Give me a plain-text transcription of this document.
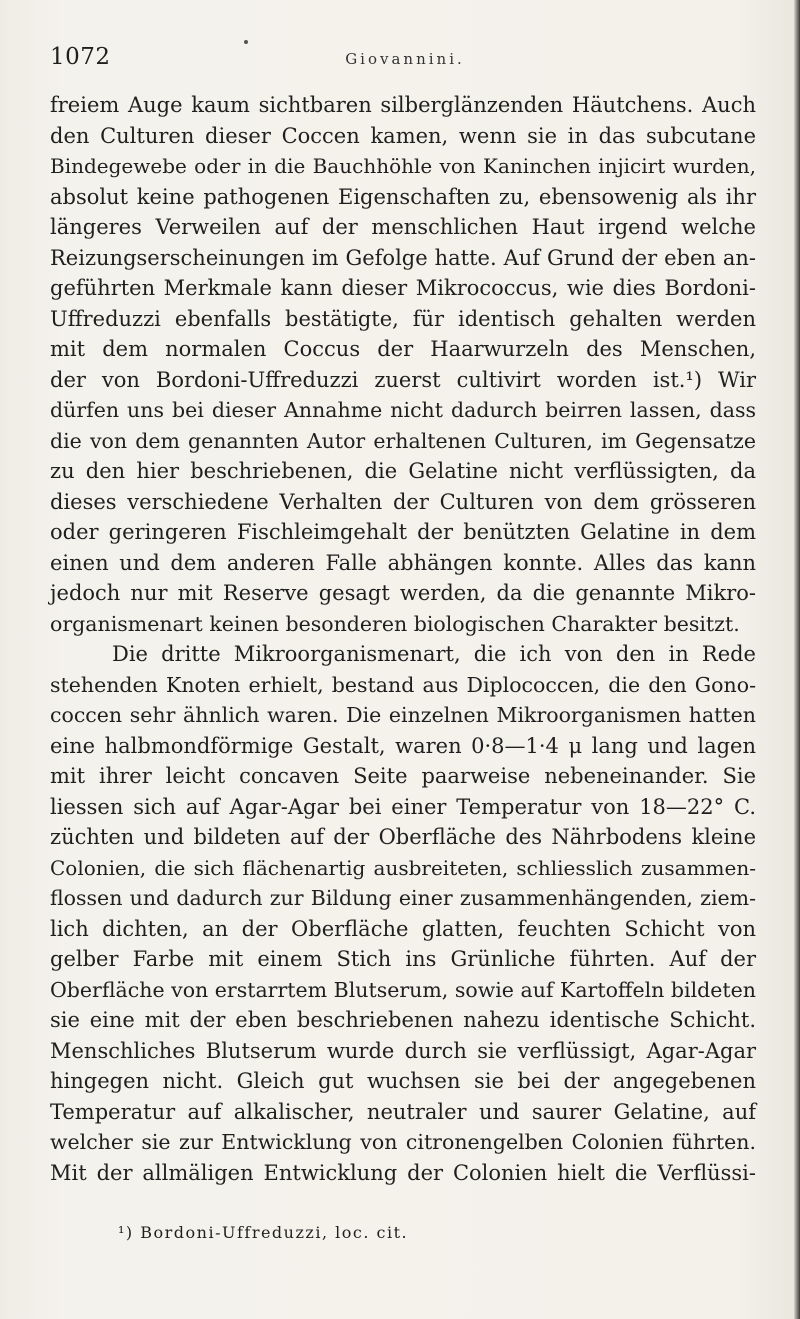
1072	Giovannini.
freiem Auge kaum sichtbaren silberglänzenden Häutchens. Auch
den Culturen dieser Coccen kamen, wenn sie in das subcutane
Bindegewebe oder in die Bauchhöhle von Kaninchen injicirt wurden,
absolut keine pathogenen Eigenschaften zu, ebensowenig als ihr
längeres Verweilen auf der menschlichen Haut irgend welche
Reizungserscheinungen im Gefolge hatte. Auf Grund der eben an-
geführten Merkmale kann dieser Mikrococcus, wie dies Bordoni-
Uffreduzzi ebenfalls bestätigte, für identisch gehalten werden
mit dem normalen Coccus der Haarwurzeln des Menschen,
der von Bordoni-Uffreduzzi zuerst cultivirt worden ist.¹) Wir
dürfen uns bei dieser Annahme nicht dadurch beirren lassen, dass
die von dem genannten Autor erhaltenen Culturen, im Gegensatze
zu den hier beschriebenen, die Gelatine nicht verflüssigten, da
dieses verschiedene Verhalten der Culturen von dem grösseren
oder geringeren Fischleimgehalt der benützten Gelatine in dem
einen und dem anderen Falle abhängen konnte. Alles das kann
jedoch nur mit Reserve gesagt werden, da die genannte Mikro-
organismenart keinen besonderen biologischen Charakter besitzt.
Die dritte Mikroorganismenart, die ich von den in Rede
stehenden Knoten erhielt, bestand aus Diplococcen, die den Gono-
coccen sehr ähnlich waren. Die einzelnen Mikroorganismen hatten
eine halbmondförmige Gestalt, waren 0·8—1·4 μ lang und lagen
mit ihrer leicht concaven Seite paarweise nebeneinander. Sie
liessen sich auf Agar-Agar bei einer Temperatur von 18—22° C.
züchten und bildeten auf der Oberfläche des Nährbodens kleine
Colonien, die sich flächenartig ausbreiteten, schliesslich zusammen-
flossen und dadurch zur Bildung einer zusammenhängenden, ziem-
lich dichten, an der Oberfläche glatten, feuchten Schicht von
gelber Farbe mit einem Stich ins Grünliche führten. Auf der
Oberfläche von erstarrtem Blutserum, sowie auf Kartoffeln bildeten
sie eine mit der eben beschriebenen nahezu identische Schicht.
Menschliches Blutserum wurde durch sie verflüssigt, Agar-Agar
hingegen nicht. Gleich gut wuchsen sie bei der angegebenen
Temperatur auf alkalischer, neutraler und saurer Gelatine, auf
welcher sie zur Entwicklung von citronengelben Colonien führten.
Mit der allmäligen Entwicklung der Colonien hielt die Verflüssi-
¹) Bordoni-Uffreduzzi, loc. cit.
